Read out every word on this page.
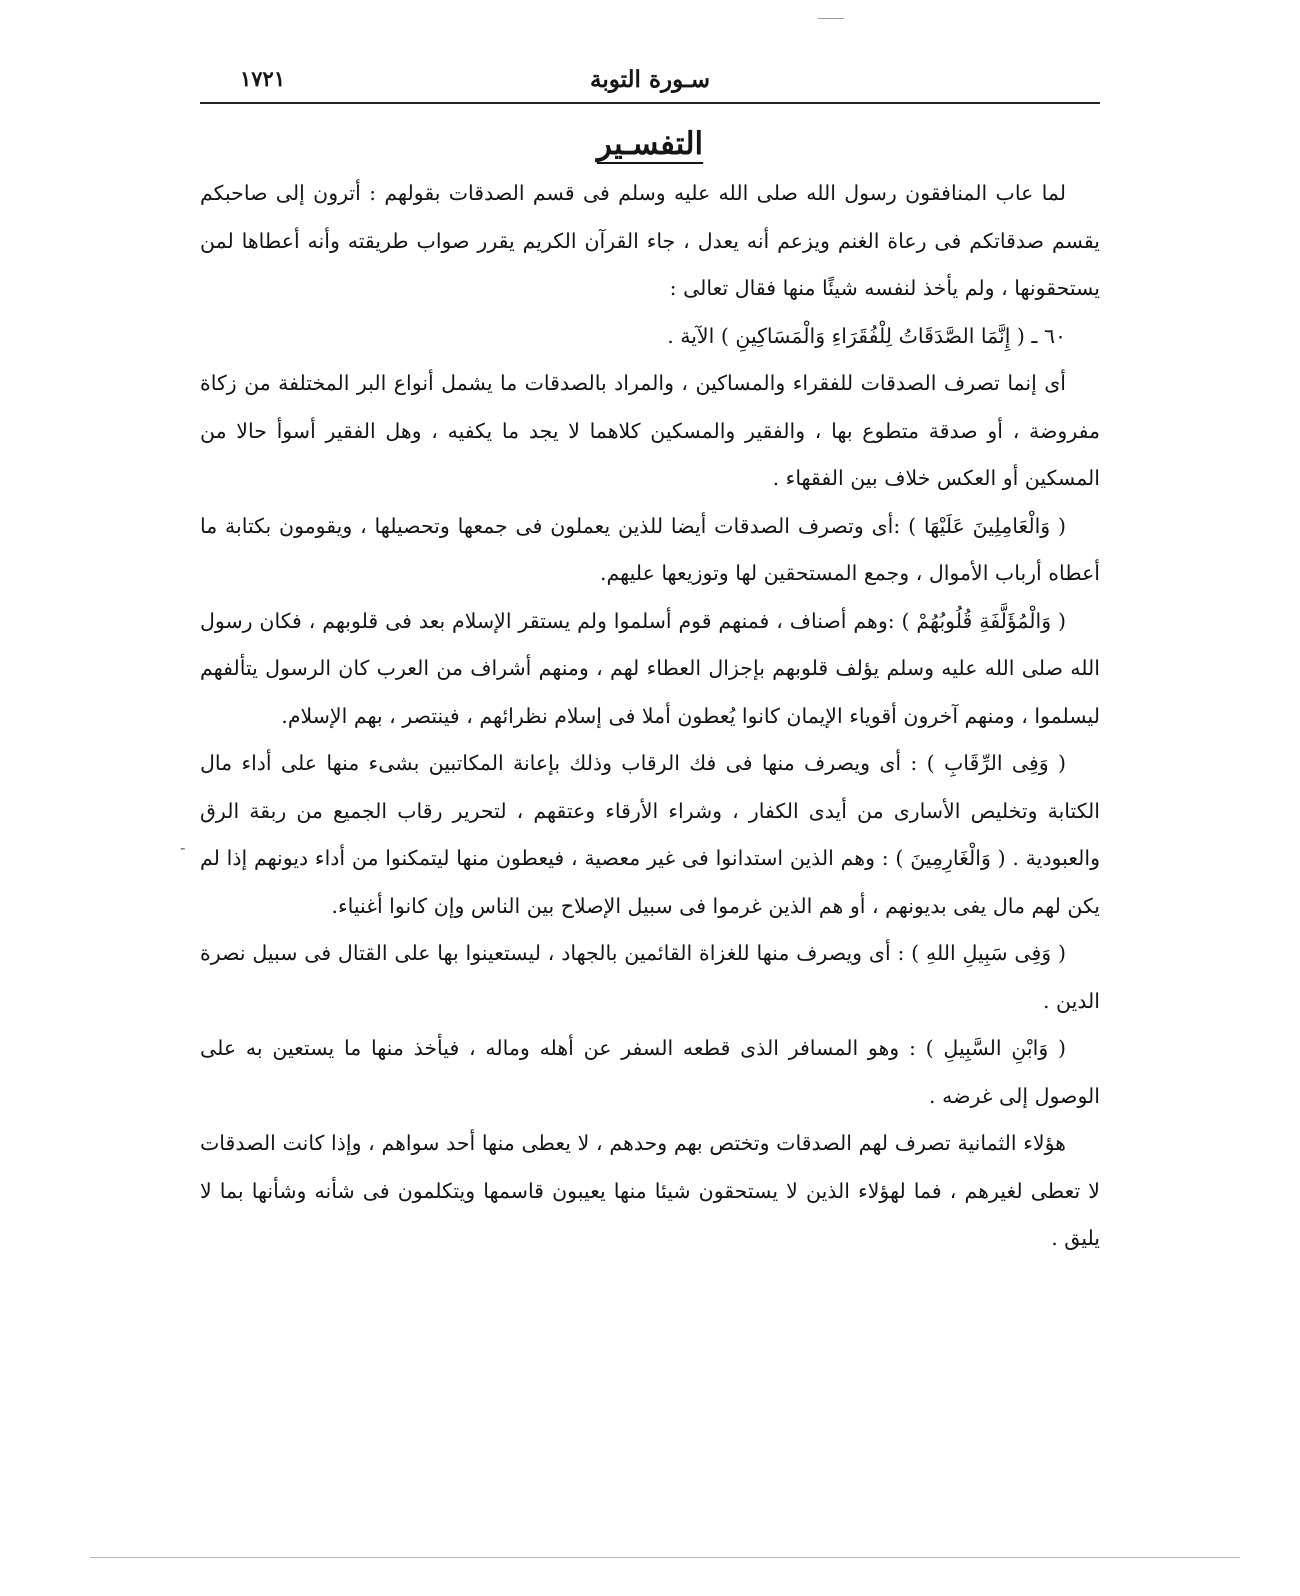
-
سـورة التوبة
١٧٢١
التفسـير

لما عاب المنافقون رسول الله صلى الله عليه وسلم فى قسم الصدقات بقولهم : أترون إلى صاحبكم يقسم صدقاتكم فى رعاة الغنم ويزعم أنه يعدل ، جاء القرآن الكريم يقرر صواب طريقته وأنه أعطاها لمن يستحقونها ، ولم يأخذ لنفسه شيئًا منها فقال تعالى :

٦٠ ـ ( إِنَّمَا الصَّدَقَاتُ لِلْفُقَرَاءِ وَالْمَسَاكِينِ ) الآية .

أى إنما تصرف الصدقات للفقراء والمساكين ، والمراد بالصدقات ما يشمل أنواع البر المختلفة من زكاة مفروضة ، أو صدقة متطوع بها ، والفقير والمسكين كلاهما لا يجد ما يكفيه ، وهل الفقير أسوأ حالا من المسكين أو العكس خلاف بين الفقهاء .

( وَالْعَامِلِينَ عَلَيْهَا ) :أى وتصرف الصدقات أيضا للذين يعملون فى جمعها وتحصيلها ، ويقومون بكتابة ما أعطاه أرباب الأموال ، وجمع المستحقين لها وتوزيعها عليهم.

( وَالْمُؤَلَّفَةِ قُلُوبُهُمْ ) :وهم أصناف ، فمنهم قوم أسلموا ولم يستقر الإسلام بعد فى قلوبهم ، فكان رسول الله صلى الله عليه وسلم يؤلف قلوبهم بإجزال العطاء لهم ، ومنهم أشراف من العرب كان الرسول يتألفهم ليسلموا ، ومنهم آخرون أقوياء الإيمان كانوا يُعطون أملا فى إسلام نظرائهم ، فينتصر ، بهم الإسلام.

( وَفِى الرِّقَابِ ) : أى ويصرف منها فى فك الرقاب وذلك بإعانة المكاتبين بشىء منها على أداء مال الكتابة وتخليص الأسارى من أيدى الكفار ، وشراء الأرقاء وعتقهم ، لتحرير رقاب الجميع من ربقة الرق والعبودية . ( وَالْغَارِمِينَ ) : وهم الذين استدانوا فى غير معصية ، فيعطون منها ليتمكنوا من أداء ديونهم إذا لم يكن لهم مال يفى بديونهم ، أو هم الذين غرموا فى سبيل الإصلاح بين الناس وإن كانوا أغنياء.

( وَفِى سَبِيلِ اللهِ ) : أى ويصرف منها للغزاة القائمين بالجهاد ، ليستعينوا بها على القتال فى سبيل نصرة الدين .

( وَابْنِ السَّبِيلِ ) : وهو المسافر الذى قطعه السفر عن أهله وماله ، فيأخذ منها ما يستعين به على الوصول إلى غرضه .

هؤلاء الثمانية تصرف لهم الصدقات وتختص بهم وحدهم ، لا يعطى منها أحد سواهم ، وإذا كانت الصدقات لا تعطى لغيرهم ، فما لهؤلاء الذين لا يستحقون شيئا منها يعيبون قاسمها ويتكلمون فى شأنه وشأنها بما لا يليق .
